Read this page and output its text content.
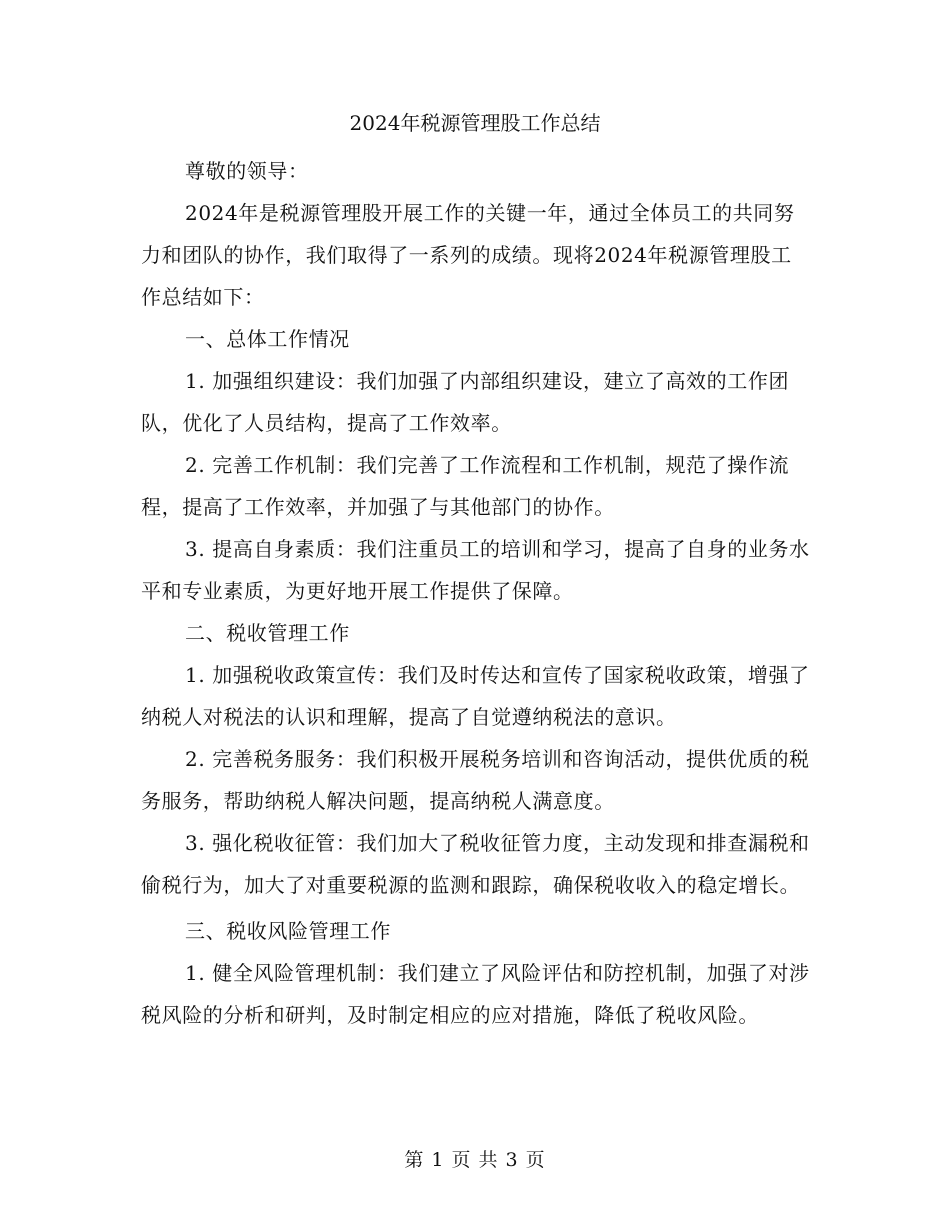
2024年税源管理股工作总结

尊敬的领导：

2024年是税源管理股开展工作的关键一年，通过全体员工的共同努力和团队的协作，我们取得了一系列的成绩。现将2024年税源管理股工作总结如下：

一、总体工作情况

1. 加强组织建设：我们加强了内部组织建设，建立了高效的工作团队，优化了人员结构，提高了工作效率。

2. 完善工作机制：我们完善了工作流程和工作机制，规范了操作流程，提高了工作效率，并加强了与其他部门的协作。

3. 提高自身素质：我们注重员工的培训和学习，提高了自身的业务水平和专业素质，为更好地开展工作提供了保障。

二、税收管理工作

1. 加强税收政策宣传：我们及时传达和宣传了国家税收政策，增强了纳税人对税法的认识和理解，提高了自觉遵纳税法的意识。

2. 完善税务服务：我们积极开展税务培训和咨询活动，提供优质的税务服务，帮助纳税人解决问题，提高纳税人满意度。

3. 强化税收征管：我们加大了税收征管力度，主动发现和排查漏税和偷税行为，加大了对重要税源的监测和跟踪，确保税收收入的稳定增长。

三、税收风险管理工作

1. 健全风险管理机制：我们建立了风险评估和防控机制，加强了对涉税风险的分析和研判，及时制定相应的应对措施，降低了税收风险。

第 1 页 共 3 页
